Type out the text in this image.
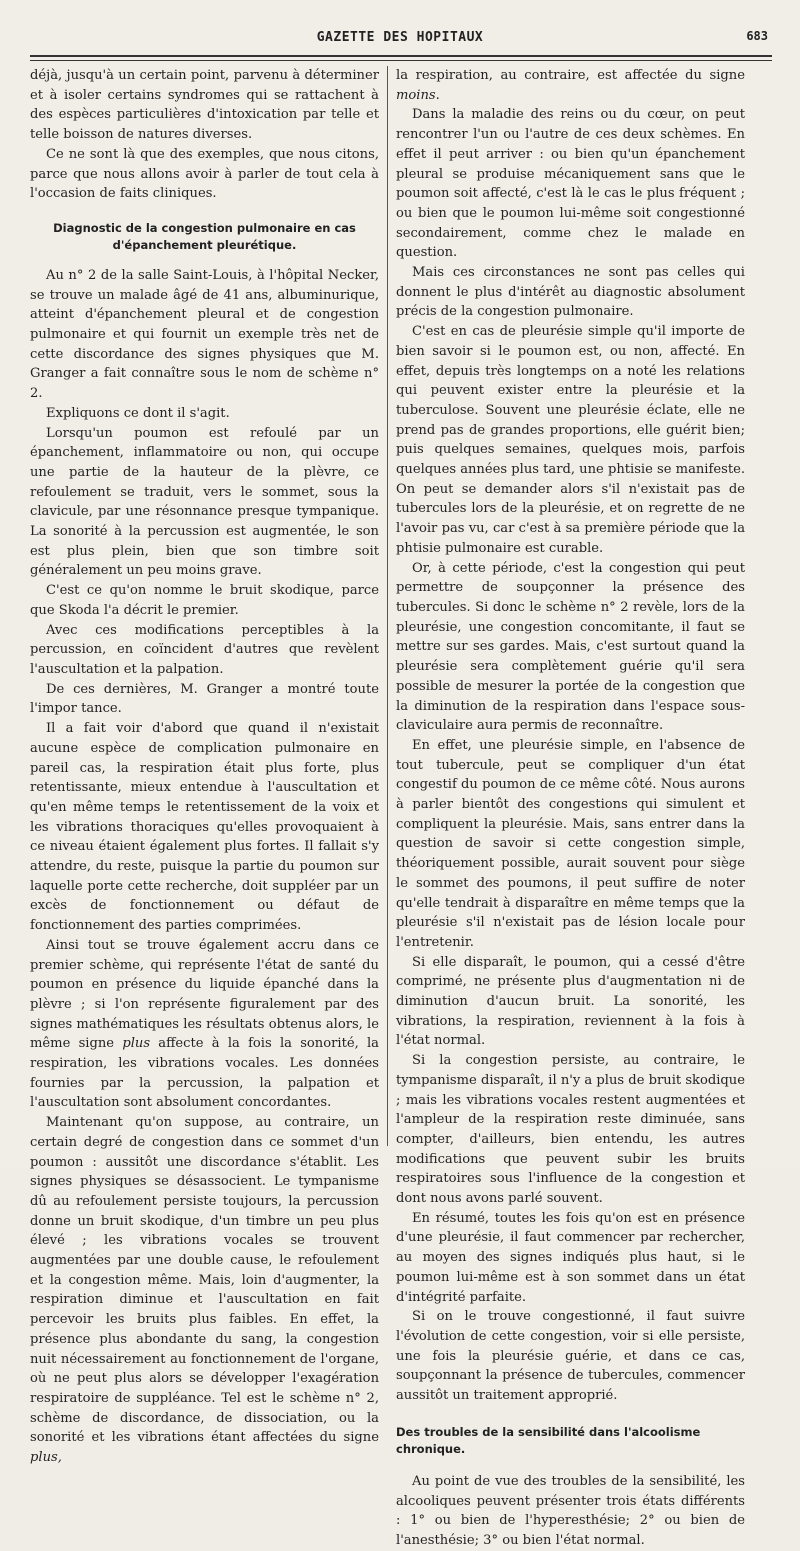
GAZETTE DES HOPITAUX	683

déjà, jusqu'à un certain point, parvenu à déterminer et à isoler certains syndromes qui se rattachent à des espèces particulières d'intoxication par telle et telle boisson de natures diverses.

Ce ne sont là que des exemples, que nous citons, parce que nous allons avoir à parler de tout cela à l'occasion de faits cliniques.

Diagnostic de la congestion pulmonaire en cas d'épanchement pleurétique.

Au n° 2 de la salle Saint-Louis, à l'hôpital Necker, se trouve un malade âgé de 41 ans, albuminurique, atteint d'épanchement pleural et de congestion pulmonaire et qui fournit un exemple très net de cette discordance des signes physiques que M. Granger a fait connaître sous le nom de schème n° 2.

Expliquons ce dont il s'agit.

Lorsqu'un poumon est refoulé par un épanchement, inflammatoire ou non, qui occupe une partie de la hauteur de la plèvre, ce refoulement se traduit, vers le sommet, sous la clavicule, par une résonnance presque tympanique. La sonorité à la percussion est augmentée, le son est plus plein, bien que son timbre soit généralement un peu moins grave.

C'est ce qu'on nomme le bruit skodique, parce que Skoda l'a décrit le premier.

Avec ces modifications perceptibles à la percussion, en coïncident d'autres que revèlent l'auscultation et la palpation.

De ces dernières, M. Granger a montré toute l'impor tance.

Il a fait voir d'abord que quand il n'existait aucune espèce de complication pulmonaire en pareil cas, la respiration était plus forte, plus retentissante, mieux entendue à l'auscultation et qu'en même temps le retentissement de la voix et les vibrations thoraciques qu'elles provoquaient à ce niveau étaient également plus fortes. Il fallait s'y attendre, du reste, puisque la partie du poumon sur laquelle porte cette recherche, doit suppléer par un excès de fonctionnement ou défaut de fonctionnement des parties comprimées.

Ainsi tout se trouve également accru dans ce premier schème, qui représente l'état de santé du poumon en présence du liquide épanché dans la plèvre ; si l'on représente figuralement par des signes mathématiques les résultats obtenus alors, le même signe plus affecte à la fois la sonorité, la respiration, les vibrations vocales. Les données fournies par la percussion, la palpation et l'auscultation sont absolument concordantes.

Maintenant qu'on suppose, au contraire, un certain degré de congestion dans ce sommet d'un poumon : aussitôt une discordance s'établit. Les signes physiques se désassocient. Le tympanisme dû au refoulement persiste toujours, la percussion donne un bruit skodique, d'un timbre un peu plus élevé ; les vibrations vocales se trouvent augmentées par une double cause, le refoulement et la congestion même. Mais, loin d'augmenter, la respiration diminue et l'auscultation en fait percevoir les bruits plus faibles. En effet, la présence plus abondante du sang, la congestion nuit nécessairement au fonctionnement de l'organe, où ne peut plus alors se développer l'exagération respiratoire de suppléance. Tel est le schème n° 2, schème de discordance, de dissociation, ou la sonorité et les vibrations étant affectées du signe plus,

la respiration, au contraire, est affectée du signe moins.

Dans la maladie des reins ou du cœur, on peut rencontrer l'un ou l'autre de ces deux schèmes. En effet il peut arriver : ou bien qu'un épanchement pleural se produise mécaniquement sans que le poumon soit affecté, c'est là le cas le plus fréquent ; ou bien que le poumon lui-même soit congestionné secondairement, comme chez le malade en question.

Mais ces circonstances ne sont pas celles qui donnent le plus d'intérêt au diagnostic absolument précis de la congestion pulmonaire.

C'est en cas de pleurésie simple qu'il importe de bien savoir si le poumon est, ou non, affecté. En effet, depuis très longtemps on a noté les relations qui peuvent exister entre la pleurésie et la tuberculose. Souvent une pleurésie éclate, elle ne prend pas de grandes proportions, elle guérit bien; puis quelques semaines, quelques mois, parfois quelques années plus tard, une phtisie se manifeste. On peut se demander alors s'il n'existait pas de tubercules lors de la pleurésie, et on regrette de ne l'avoir pas vu, car c'est à sa première période que la phtisie pulmonaire est curable.

Or, à cette période, c'est la congestion qui peut permettre de soupçonner la présence des tubercules. Si donc le schème n° 2 revèle, lors de la pleurésie, une congestion concomitante, il faut se mettre sur ses gardes. Mais, c'est surtout quand la pleurésie sera complètement guérie qu'il sera possible de mesurer la portée de la congestion que la diminution de la respiration dans l'espace sous-claviculaire aura permis de reconnaître.

En effet, une pleurésie simple, en l'absence de tout tubercule, peut se compliquer d'un état congestif du poumon de ce même côté. Nous aurons à parler bientôt des congestions qui simulent et compliquent la pleurésie. Mais, sans entrer dans la question de savoir si cette congestion simple, théoriquement possible, aurait souvent pour siège le sommet des poumons, il peut suffire de noter qu'elle tendrait à disparaître en même temps que la pleurésie s'il n'existait pas de lésion locale pour l'entretenir.

Si elle disparaît, le poumon, qui a cessé d'être comprimé, ne présente plus d'augmentation ni de diminution d'aucun bruit. La sonorité, les vibrations, la respiration, reviennent à la fois à l'état normal.

Si la congestion persiste, au contraire, le tympanisme disparaît, il n'y a plus de bruit skodique ; mais les vibrations vocales restent augmentées et l'ampleur de la respiration reste diminuée, sans compter, d'ailleurs, bien entendu, les autres modifications que peuvent subir les bruits respiratoires sous l'influence de la congestion et dont nous avons parlé souvent.

En résumé, toutes les fois qu'on est en présence d'une pleurésie, il faut commencer par rechercher, au moyen des signes indiqués plus haut, si le poumon lui-même est à son sommet dans un état d'intégrité parfaite.

Si on le trouve congestionné, il faut suivre l'évolution de cette congestion, voir si elle persiste, une fois la pleurésie guérie, et dans ce cas, soupçonnant la présence de tubercules, commencer aussitôt un traitement approprié.

Des troubles de la sensibilité dans l'alcoolisme chronique.

Au point de vue des troubles de la sensibilité, les alcooliques peuvent présenter trois états différents : 1° ou bien de l'hyperesthésie; 2° ou bien de l'anesthésie; 3° ou bien l'état normal.
